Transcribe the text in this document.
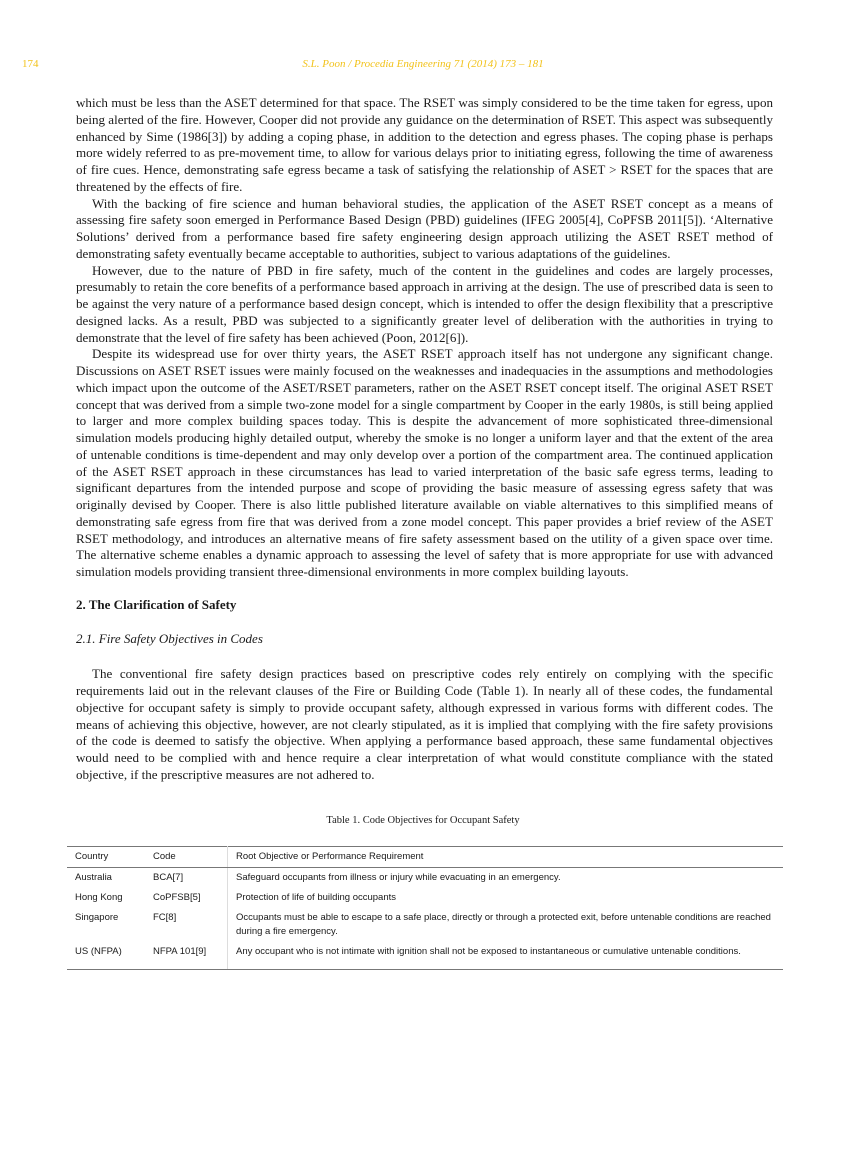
174	S.L. Poon / Procedia Engineering 71 (2014) 173 – 181

which must be less than the ASET determined for that space. The RSET was simply considered to be the time taken for egress, upon being alerted of the fire. However, Cooper did not provide any guidance on the determination of RSET. This aspect was subsequently enhanced by Sime (1986[3]) by adding a coping phase, in addition to the detection and egress phases. The coping phase is perhaps more widely referred to as pre-movement time, to allow for various delays prior to initiating egress, following the time of awareness of fire cues. Hence, demonstrating safe egress became a task of satisfying the relationship of ASET > RSET for the spaces that are threatened by the effects of fire.

With the backing of fire science and human behavioral studies, the application of the ASET RSET concept as a means of assessing fire safety soon emerged in Performance Based Design (PBD) guidelines (IFEG 2005[4], CoPFSB 2011[5]). ‘Alternative Solutions’ derived from a performance based fire safety engineering design approach utilizing the ASET RSET method of demonstrating safety eventually became acceptable to authorities, subject to various adaptations of the guidelines.

However, due to the nature of PBD in fire safety, much of the content in the guidelines and codes are largely processes, presumably to retain the core benefits of a performance based approach in arriving at the design. The use of prescribed data is seen to be against the very nature of a performance based design concept, which is intended to offer the design flexibility that a prescriptive designed lacks. As a result, PBD was subjected to a significantly greater level of deliberation with the authorities in trying to demonstrate that the level of fire safety has been achieved (Poon, 2012[6]).

Despite its widespread use for over thirty years, the ASET RSET approach itself has not undergone any significant change. Discussions on ASET RSET issues were mainly focused on the weaknesses and inadequacies in the assumptions and methodologies which impact upon the outcome of the ASET/RSET parameters, rather on the ASET RSET concept itself. The original ASET RSET concept that was derived from a simple two-zone model for a single compartment by Cooper in the early 1980s, is still being applied to larger and more complex building spaces today. This is despite the advancement of more sophisticated three-dimensional simulation models producing highly detailed output, whereby the smoke is no longer a uniform layer and that the extent of the area of untenable conditions is time-dependent and may only develop over a portion of the compartment area. The continued application of the ASET RSET approach in these circumstances has lead to varied interpretation of the basic safe egress terms, leading to significant departures from the intended purpose and scope of providing the basic measure of assessing egress safety that was originally devised by Cooper. There is also little published literature available on viable alternatives to this simplified means of demonstrating safe egress from fire that was derived from a zone model concept. This paper provides a brief review of the ASET RSET methodology, and introduces an alternative means of fire safety assessment based on the utility of a given space over time. The alternative scheme enables a dynamic approach to assessing the level of safety that is more appropriate for use with advanced simulation models providing transient three-dimensional environments in more complex building layouts.

2. The Clarification of Safety
2.1. Fire Safety Objectives in Codes

The conventional fire safety design practices based on prescriptive codes rely entirely on complying with the specific requirements laid out in the relevant clauses of the Fire or Building Code (Table 1). In nearly all of these codes, the fundamental objective for occupant safety is simply to provide occupant safety, although expressed in various forms with different codes. The means of achieving this objective, however, are not clearly stipulated, as it is implied that complying with the fire safety provisions of the code is deemed to satisfy the objective. When applying a performance based approach, these same fundamental objectives would need to be complied with and hence require a clear interpretation of what would constitute compliance with the stated objective, if the prescriptive measures are not adhered to.

Table 1. Code Objectives for Occupant Safety
Country	Code	Root Objective or Performance Requirement
Australia	BCA[7]	Safeguard occupants from illness or injury while evacuating in an emergency.
Hong Kong	CoPFSB[5]	Protection of life of building occupants
Singapore	FC[8]	Occupants must be able to escape to a safe place, directly or through a protected exit, before untenable conditions are reached during a fire emergency.
US (NFPA)	NFPA 101[9]	Any occupant who is not intimate with ignition shall not be exposed to instantaneous or cumulative untenable conditions.
